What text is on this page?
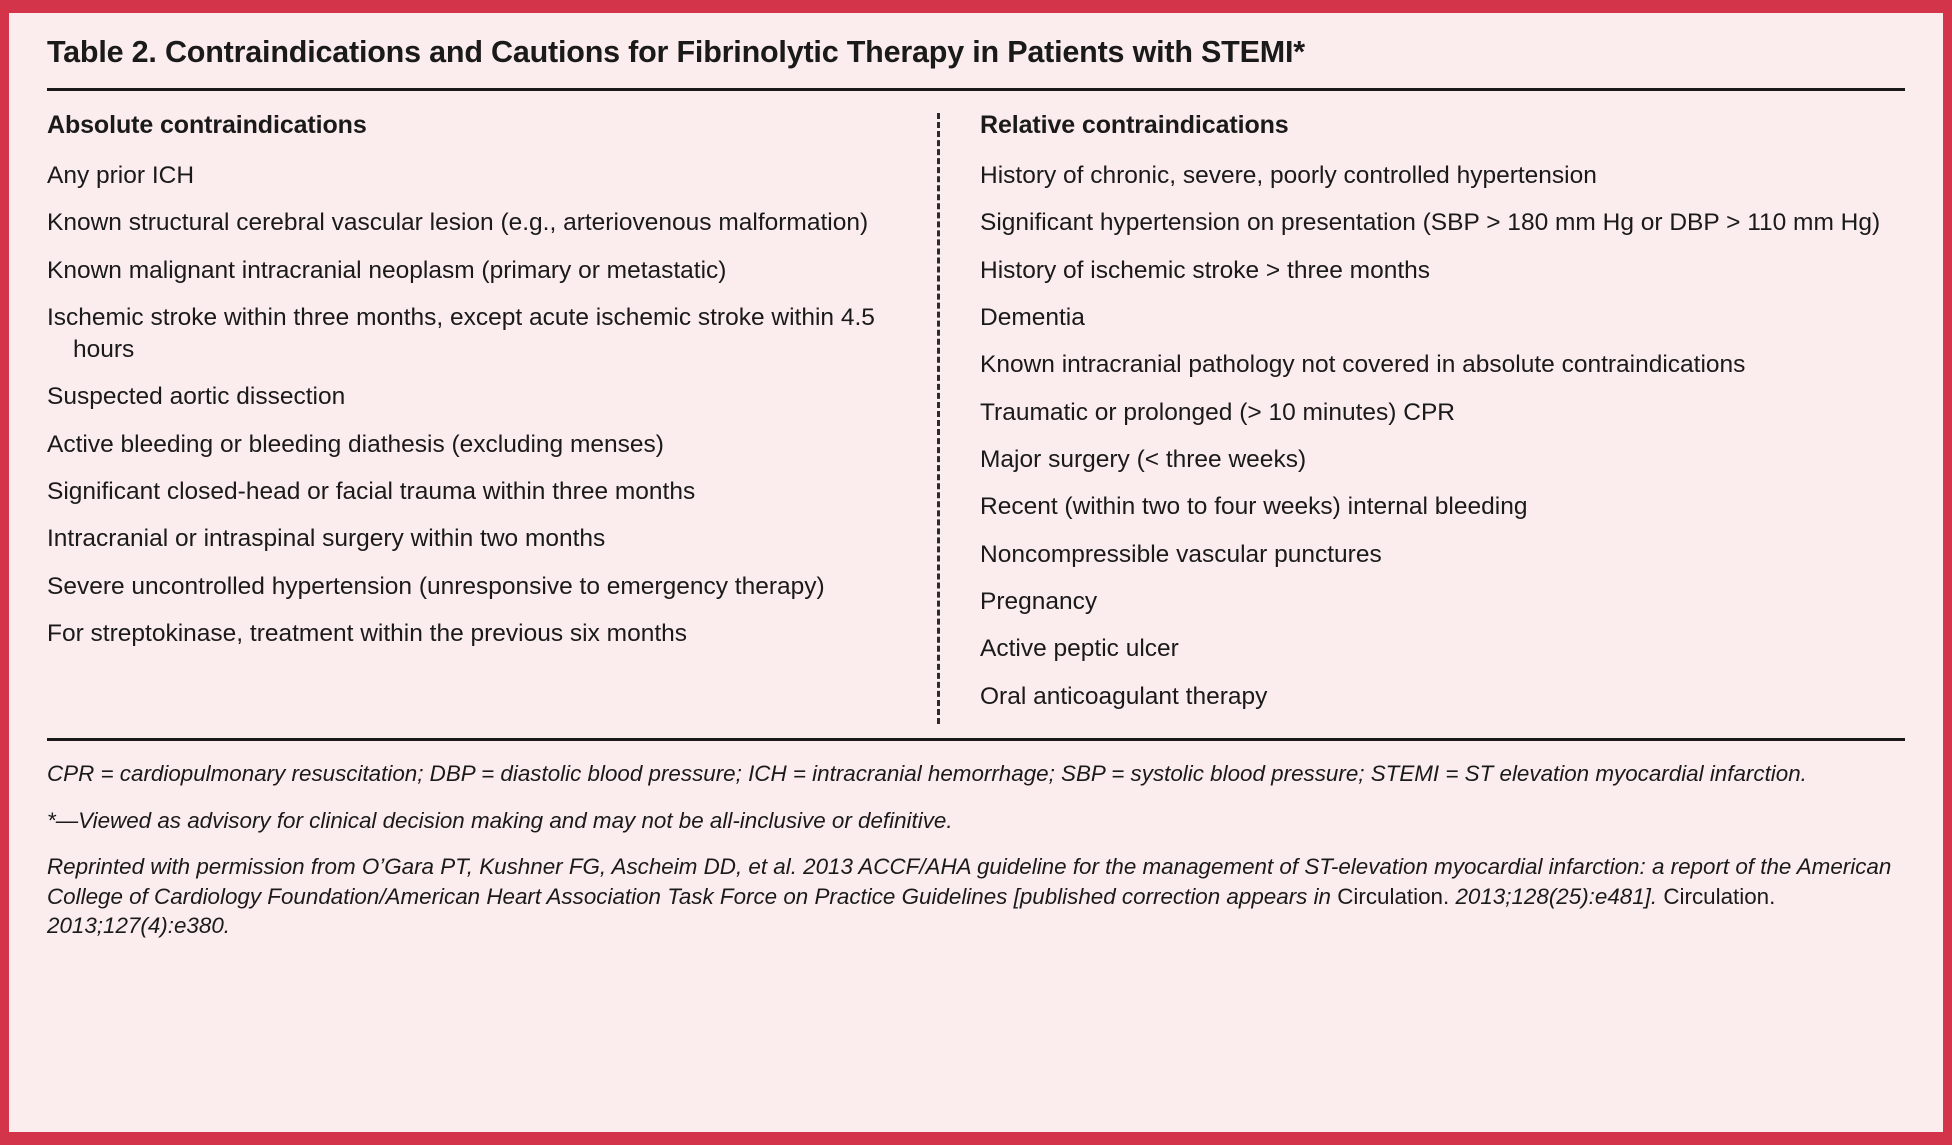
Table 2. Contraindications and Cautions for Fibrinolytic Therapy in Patients with STEMI*
Absolute contraindications
Any prior ICH
Known structural cerebral vascular lesion (e.g., arteriovenous malformation)
Known malignant intracranial neoplasm (primary or metastatic)
Ischemic stroke within three months, except acute ischemic stroke within 4.5 hours
Suspected aortic dissection
Active bleeding or bleeding diathesis (excluding menses)
Significant closed-head or facial trauma within three months
Intracranial or intraspinal surgery within two months
Severe uncontrolled hypertension (unresponsive to emergency therapy)
For streptokinase, treatment within the previous six months
Relative contraindications
History of chronic, severe, poorly controlled hypertension
Significant hypertension on presentation (SBP > 180 mm Hg or DBP > 110 mm Hg)
History of ischemic stroke > three months
Dementia
Known intracranial pathology not covered in absolute contraindications
Traumatic or prolonged (> 10 minutes) CPR
Major surgery (< three weeks)
Recent (within two to four weeks) internal bleeding
Noncompressible vascular punctures
Pregnancy
Active peptic ulcer
Oral anticoagulant therapy
CPR = cardiopulmonary resuscitation; DBP = diastolic blood pressure; ICH = intracranial hemorrhage; SBP = systolic blood pressure; STEMI = ST elevation myocardial infarction.
*—Viewed as advisory for clinical decision making and may not be all-inclusive or definitive.
Reprinted with permission from O’Gara PT, Kushner FG, Ascheim DD, et al. 2013 ACCF/AHA guideline for the management of ST-elevation myocardial infarction: a report of the American College of Cardiology Foundation/American Heart Association Task Force on Practice Guidelines [published correction appears in Circulation. 2013;128(25):e481]. Circulation. 2013;127(4):e380.
